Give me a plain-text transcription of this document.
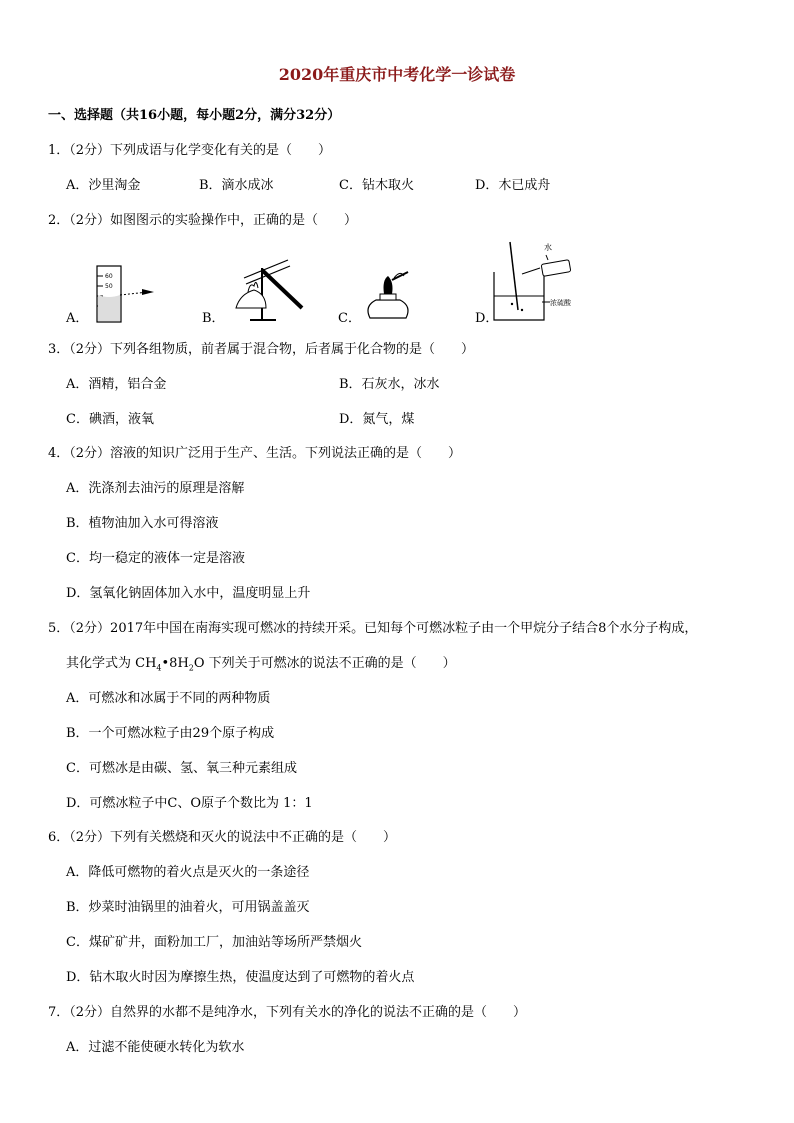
2020年重庆市中考化学一诊试卷
一、选择题（共16小题，每小题2分，满分32分）
1．（2分）下列成语与化学变化有关的是（　　）
A．沙里淘金	B．滴水成冰	C．钻木取火	D．木已成舟
2．（2分）如图图示的实验操作中，正确的是（　　）
A．
60
50
B．	C．	D．
水
浓硫酸
3．（2分）下列各组物质，前者属于混合物，后者属于化合物的是（　　）
A．酒精，铝合金	B．石灰水，冰水
C．碘酒，液氧	D．氮气，煤
4．（2分）溶液的知识广泛用于生产、生活。下列说法正确的是（　　）
A．洗涤剂去油污的原理是溶解
B．植物油加入水可得溶液
C．均一稳定的液体一定是溶液
D．氢氧化钠固体加入水中，温度明显上升
5．（2分）2017年中国在南海实现可燃冰的持续开采。已知每个可燃冰粒子由一个甲烷分子结合8个水分子构成，
其化学式为 $CH_4•8H_2O$ 下列关于可燃冰的说法不正确的是（　　）
A．可燃冰和冰属于不同的两种物质
B．一个可燃冰粒子由29个原子构成
C．可燃冰是由碳、氢、氧三种元素组成
D．可燃冰粒子中C、O原子个数比为 1：1
6．（2分）下列有关燃烧和灭火的说法中不正确的是（　　）
A．降低可燃物的着火点是灭火的一条途径
B．炒菜时油锅里的油着火，可用锅盖盖灭
C．煤矿矿井，面粉加工厂，加油站等场所严禁烟火
D．钻木取火时因为摩擦生热，使温度达到了可燃物的着火点
7．（2分）自然界的水都不是纯净水，下列有关水的净化的说法不正确的是（　　）
A．过滤不能使硬水转化为软水
